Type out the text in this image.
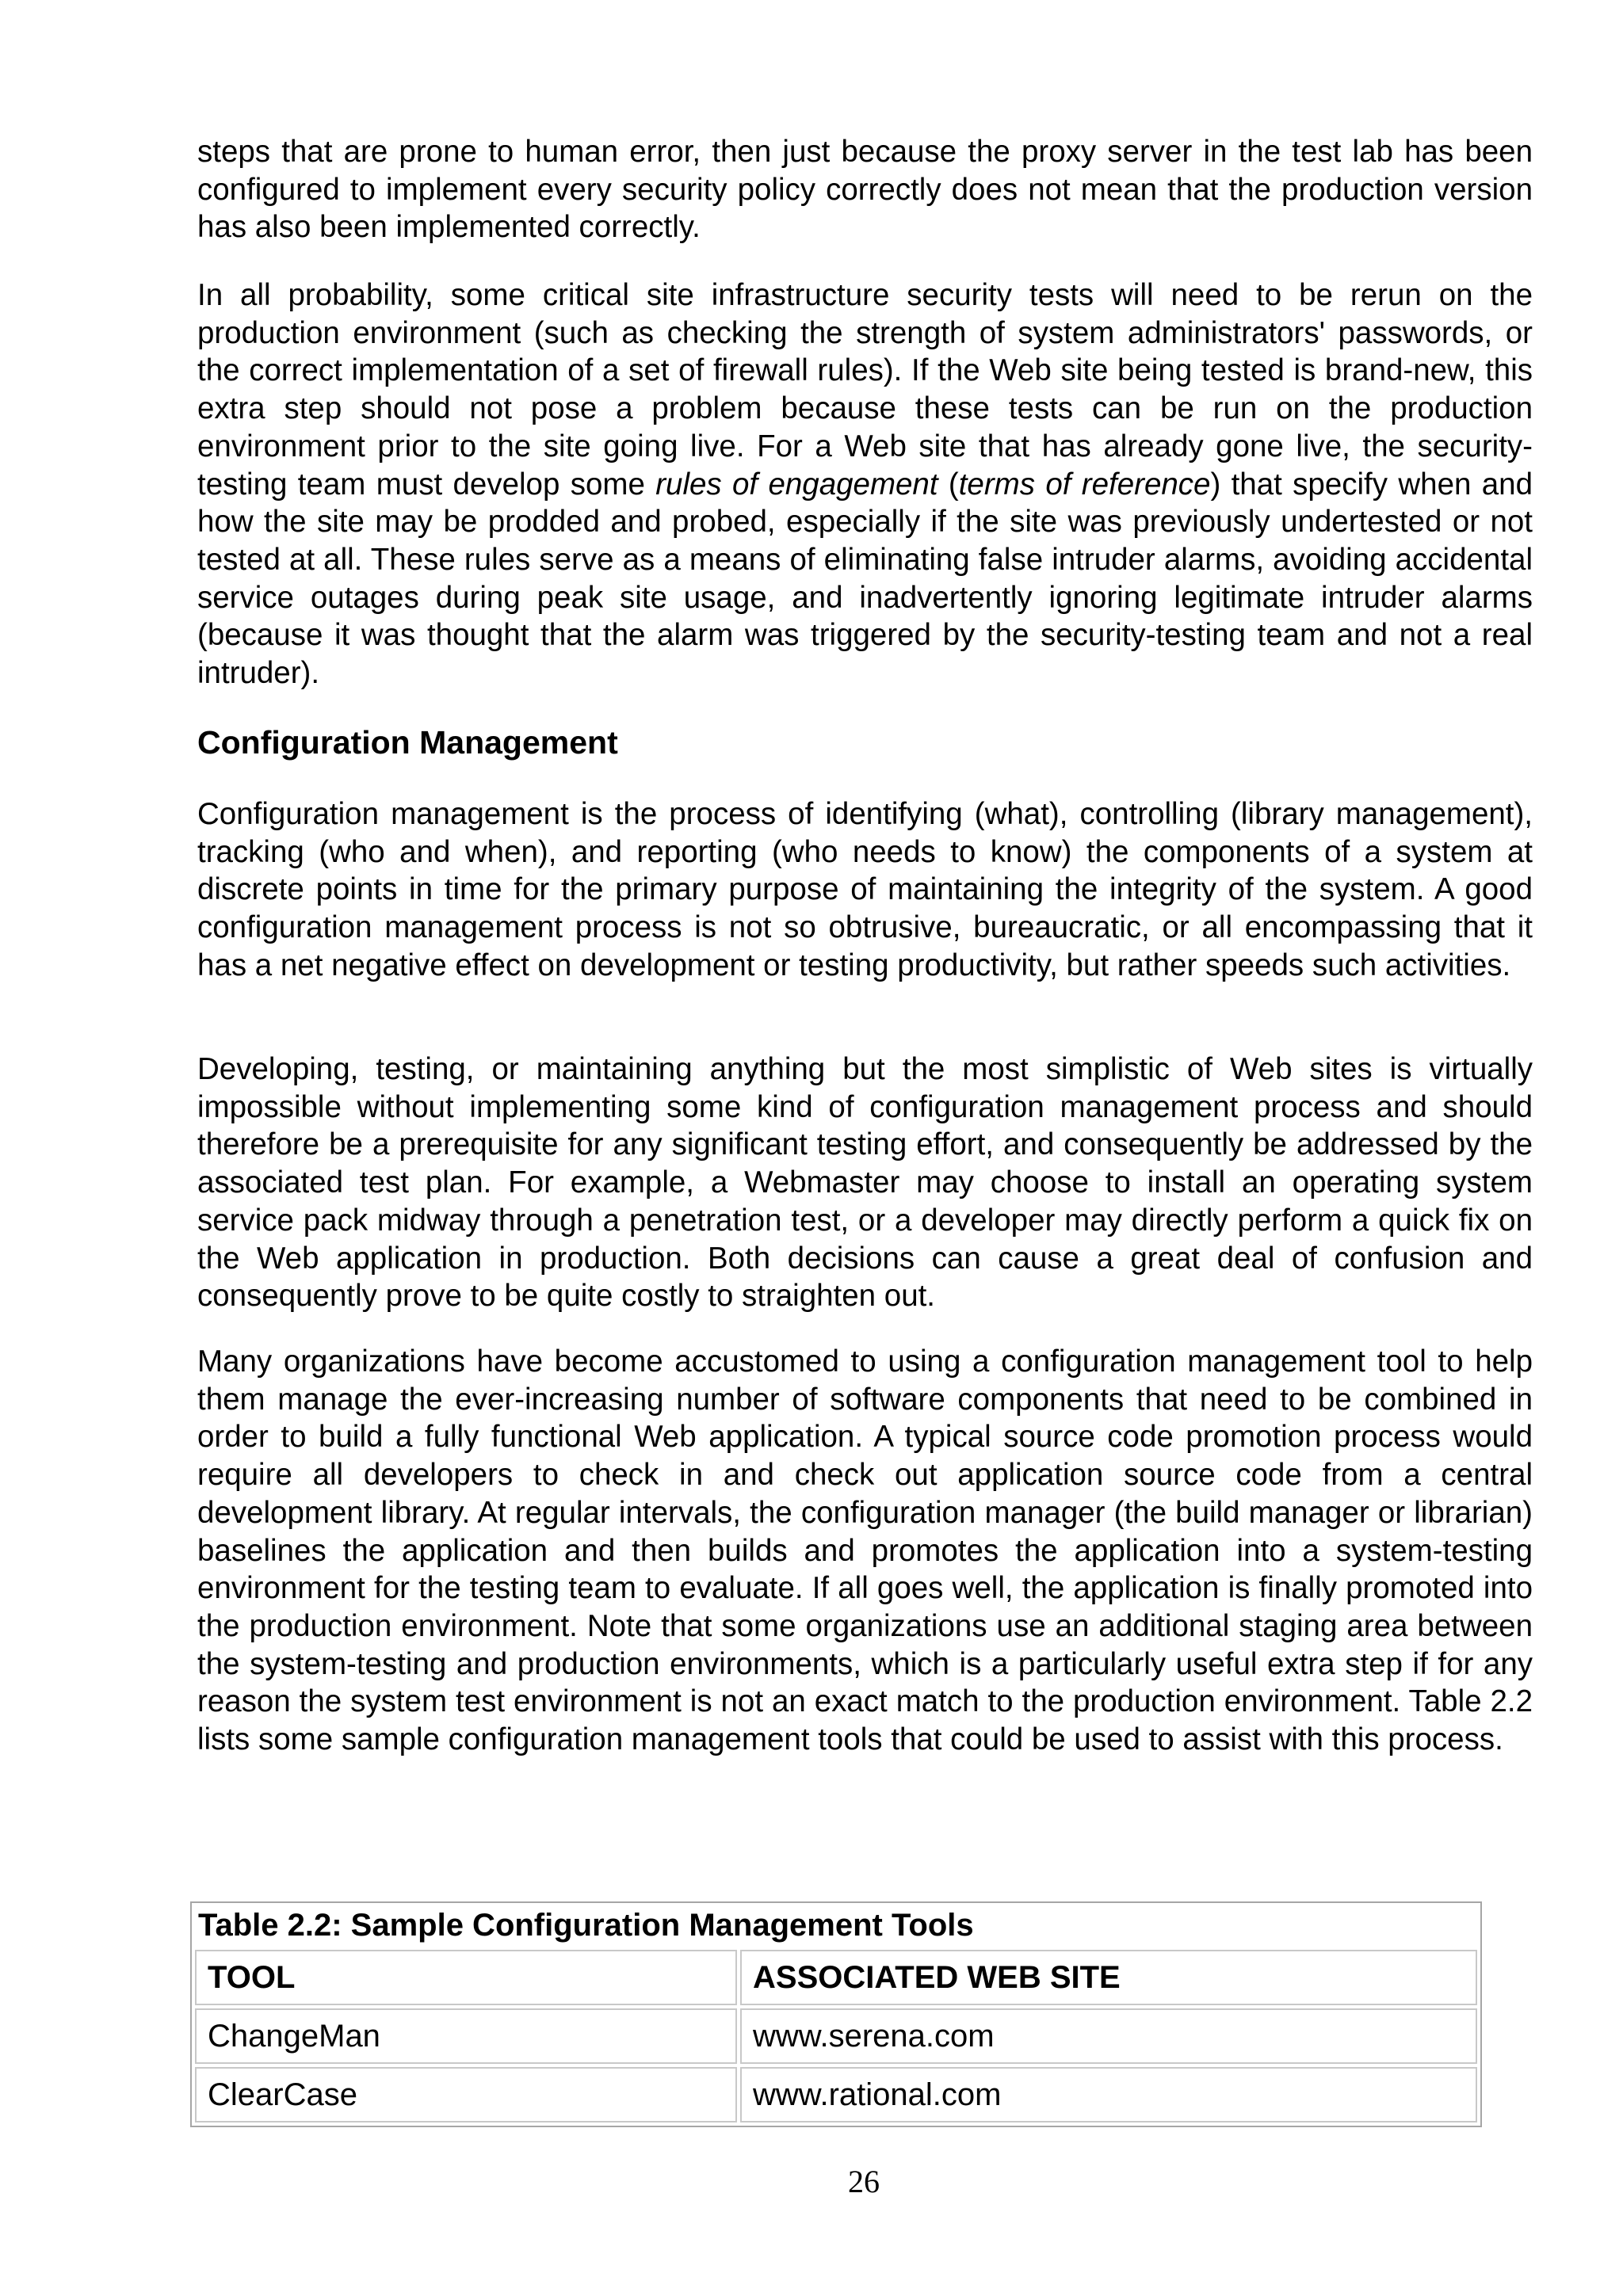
steps that are prone to human error, then just because the proxy server in the test lab has been configured to implement every security policy correctly does not mean that the production version has also been implemented correctly.

In all probability, some critical site infrastructure security tests will need to be rerun on the production environment (such as checking the strength of system administrators' passwords, or the correct implementation of a set of firewall rules). If the Web site being tested is brand-new, this extra step should not pose a problem because these tests can be run on the production environment prior to the site going live. For a Web site that has already gone live, the security-testing team must develop some rules of engagement (terms of reference) that specify when and how the site may be prodded and probed, especially if the site was previously undertested or not tested at all. These rules serve as a means of eliminating false intruder alarms, avoiding accidental service outages during peak site usage, and inadvertently ignoring legitimate intruder alarms (because it was thought that the alarm was triggered by the security-testing team and not a real intruder).

Configuration Management

Configuration management is the process of identifying (what), controlling (library management), tracking (who and when), and reporting (who needs to know) the components of a system at discrete points in time for the primary purpose of maintaining the integrity of the system. A good configuration management process is not so obtrusive, bureaucratic, or all encompassing that it has a net negative effect on development or testing productivity, but rather speeds such activities.

Developing, testing, or maintaining anything but the most simplistic of Web sites is virtually impossible without implementing some kind of configuration management process and should therefore be a prerequisite for any significant testing effort, and consequently be addressed by the associated test plan. For example, a Webmaster may choose to install an operating system service pack midway through a penetration test, or a developer may directly perform a quick fix on the Web application in production. Both decisions can cause a great deal of confusion and consequently prove to be quite costly to straighten out.

Many organizations have become accustomed to using a configuration management tool to help them manage the ever-increasing number of software components that need to be combined in order to build a fully functional Web application. A typical source code promotion process would require all developers to check in and check out application source code from a central development library. At regular intervals, the configuration manager (the build manager or librarian) baselines the application and then builds and promotes the application into a system-testing environment for the testing team to evaluate. If all goes well, the application is finally promoted into the production environment. Note that some organizations use an additional staging area between the system-testing and production environments, which is a particularly useful extra step if for any reason the system test environment is not an exact match to the production environment. Table 2.2 lists some sample configuration management tools that could be used to assist with this process.

Table 2.2: Sample Configuration Management Tools	
TOOL	ASSOCIATED WEB SITE
ChangeMan	www.serena.com
ClearCase	www.rational.com
26
